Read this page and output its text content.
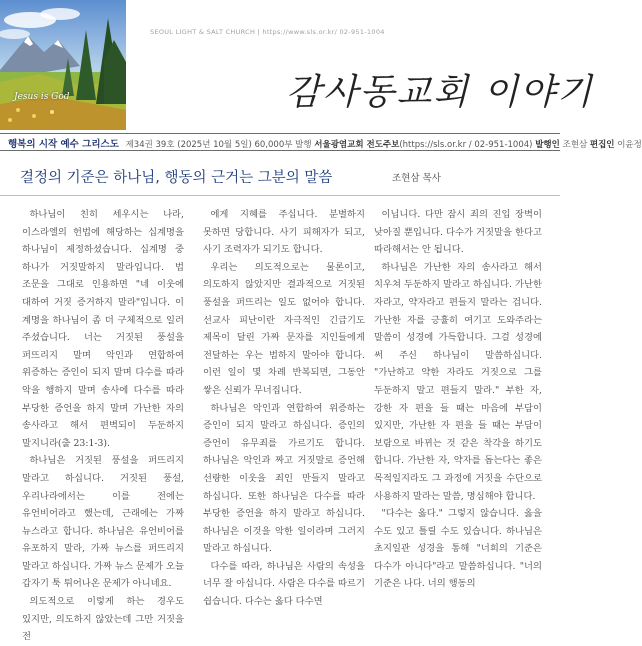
Jesus is God
SEOUL LIGHT & SALT CHURCH | https://www.sls.or.kr/ 02-951-1004
감사동교회 이야기
행복의 시작 예수 그리스도 제34권 39호 (2025년 10월 5일) 60,000부 발행 서울광염교회 전도주보(https://sls.or.kr / 02-951-1004) 발행인 조현삼 편집인 이윤정
결정의 기준은 하나님, 행동의 근거는 그분의 말씀	조현삼 목사

하나님이 친히 세우시는 나라, 이스라엘의 헌법에 해당하는 십계명을 하나님이 제정하셨습니다. 십계명 중 하나가 거짓말하지 말라입니다. 법 조문을 그대로 인용하면 "네 이웃에 대하여 거짓 증거하지 말라"입니다. 이 계명을 하나님이 좀 더 구체적으로 일러 주셨습니다. 너는 거짓된 풍설을 퍼뜨리지 말며 악인과 연합하여 위증하는 증인이 되지 말며 다수를 따라 악을 행하지 말며 송사에 다수를 따라 부당한 증언을 하지 말며 가난한 자의 송사라고 해서 편벽되이 두둔하지 말지니라(출 23:1-3).

하나님은 거짓된 풍설을 퍼뜨리지 말라고 하십니다. 거짓된 풍설, 우리나라에서는 이를 전에는 유언비어라고 했는데, 근래에는 가짜 뉴스라고 합니다. 하나님은 유언비어를 유포하지 말라, 가짜 뉴스를 퍼뜨리지 말라고 하십니다. 가짜 뉴스 문제가 오늘 갑자기 툭 튀어나온 문제가 아니네요.

의도적으로 이렇게 하는 경우도 있지만, 의도하지 않았는데 그만 거짓을 전

에게 지혜를 주십니다. 분별하지 못하면 당합니다. 사기 피해자가 되고, 사기 조력자가 되기도 합니다.

우리는 의도적으로는 물론이고, 의도하지 않았지만 결과적으로 거짓된 풍설을 퍼뜨리는 일도 없어야 합니다. 선교사 피난이란 자극적인 긴급기도 제목이 달린 가짜 문자를 지인들에게 전달하는 우는 범하지 말아야 합니다. 이런 일이 몇 차례 반복되면, 그동안 쌓은 신뢰가 무너집니다.

하나님은 악인과 연합하여 위증하는 증인이 되지 말라고 하십니다. 증인의 증언이 유무죄를 가르기도 합니다. 하나님은 악인과 짜고 거짓말로 증언해 선량한 이웃을 죄인 만들지 말라고 하십니다. 또한 하나님은 다수를 따라 부당한 증언을 하지 말라고 하십니다. 하나님은 이것을 악한 일이라며 그러지 말라고 하십니다.

다수를 따라, 하나님은 사람의 속성을 너무 잘 아십니다. 사람은 다수를 따르기 쉽습니다. 다수는 옳다 다수면

이닙니다. 다만 잠시 죄의 진입 장벽이 낮아질 뿐입니다. 다수가 거짓말을 한다고 따라해서는 안 됩니다.

하나님은 가난한 자의 송사라고 해서 치우쳐 두둔하지 말라고 하십니다. 가난한 자라고, 약자라고 편들지 말라는 겁니다. 가난한 자를 긍휼히 여기고 도와주라는 말씀이 성경에 가득합니다. 그걸 성경에 써 주신 하나님이 말씀하십니다. "가난하고 약한 자라도 거짓으로 그를 두둔하지 말고 편들지 말라." 부한 자, 강한 자 편을 들 때는 마음에 부담이 있지만, 가난한 자 편을 들 때는 부담이 보람으로 바뀌는 것 같은 착각을 하기도 합니다. 가난한 자, 약자를 돕는다는 좋은 목적일지라도 그 과정에 거짓을 수단으로 사용하지 말라는 말씀, 명심해야 합니다.

"다수는 옳다." 그렇지 않습니다. 옳을 수도 있고 틀릴 수도 있습니다. 하나님은 초지일관 성경을 통해 "너희의 기준은 다수가 아니다"라고 말씀하십니다. "너의 기준은 나다. 너의 행동의
